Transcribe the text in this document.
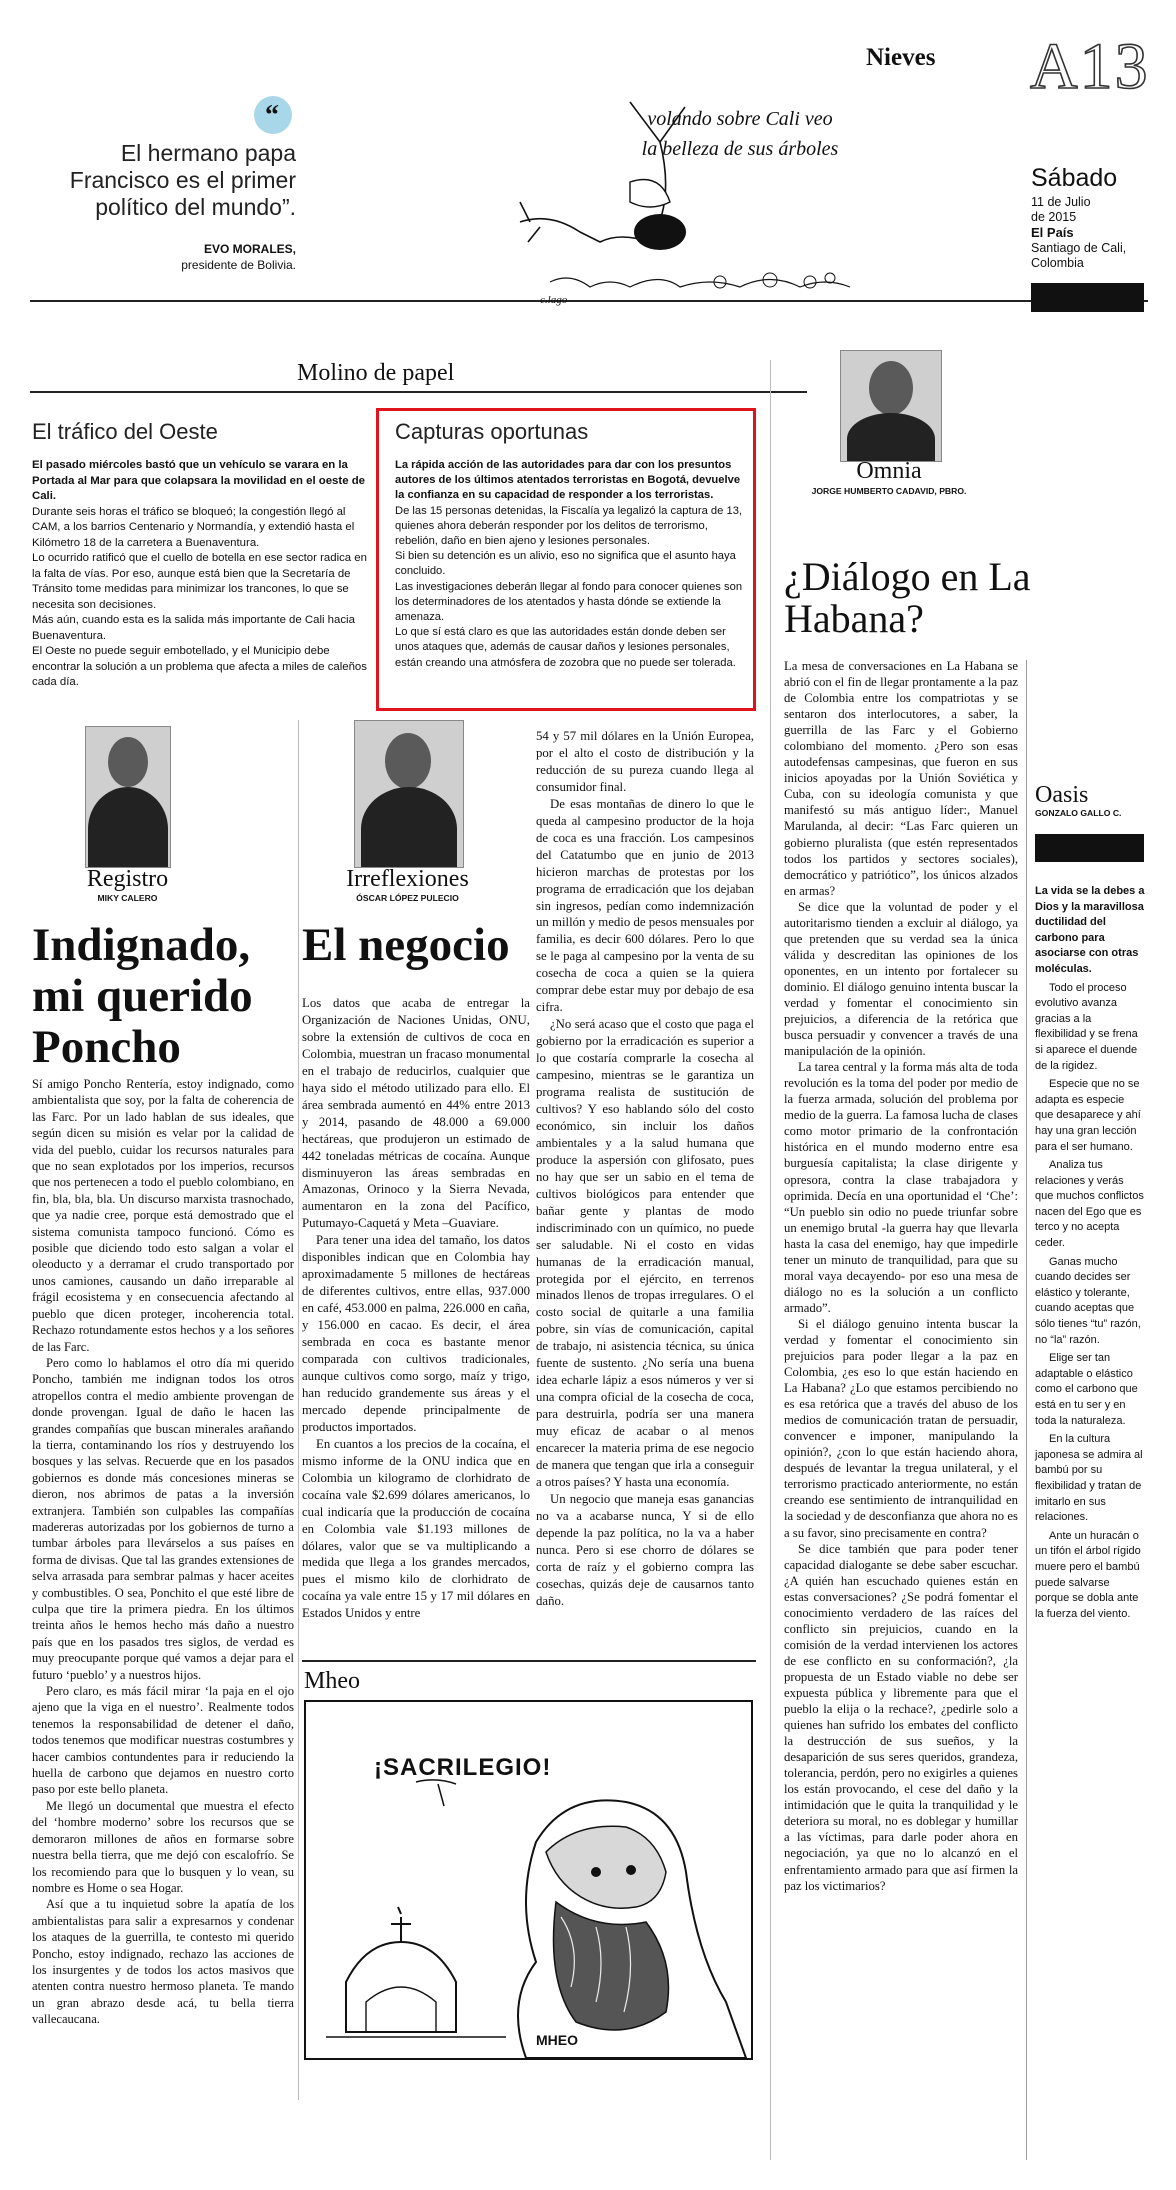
Nieves A13
“
El hermano papa Francisco es el primer político del mundo”.
EVO MORALES,
presidente de Bolivia.
volando sobre Cali veo la belleza de sus árboles
c.lago
Sábado
11 de Julio
de 2015
El País
Santiago de Cali,
Colombia
Molino de papel
El tráfico del Oeste

El pasado miércoles bastó que un vehículo se varara en la Portada al Mar para que colapsara la movilidad en el oeste de Cali.

Durante seis horas el tráfico se bloqueó; la congestión llegó al CAM, a los barrios Centenario y Normandía, y extendió hasta el Kilómetro 18 de la carretera a Buenaventura.

Lo ocurrido ratificó que el cuello de botella en ese sector radica en la falta de vías. Por eso, aunque está bien que la Secretaría de Tránsito tome medidas para minimizar los trancones, lo que se necesita son decisiones.

Más aún, cuando esta es la salida más importante de Cali hacia Buenaventura.

El Oeste no puede seguir embotellado, y el Municipio debe encontrar la solución a un problema que afecta a miles de caleños cada día.

Capturas oportunas

La rápida acción de las autoridades para dar con los presuntos autores de los últimos atentados terroristas en Bogotá, devuelve la confianza en su capacidad de responder a los terroristas.

De las 15 personas detenidas, la Fiscalía ya legalizó la captura de 13, quienes ahora deberán responder por los delitos de terrorismo, rebelión, daño en bien ajeno y lesiones personales.

Si bien su detención es un alivio, eso no significa que el asunto haya concluido.

Las investigaciones deberán llegar al fondo para conocer quienes son los determinadores de los atentados y hasta dónde se extiende la amenaza.

Lo que sí está claro es que las autoridades están donde deben ser unos ataques que, además de causar daños y lesiones personales, están creando una atmósfera de zozobra que no puede ser tolerada.

Omnia
JORGE HUMBERTO CADAVID, PBRO.
¿Diálogo en La Habana?

La mesa de conversaciones en La Habana se abrió con el fin de llegar prontamente a la paz de Colombia entre los compatriotas y se sentaron dos interlocutores, a saber, la guerrilla de las Farc y el Gobierno colombiano del momento. ¿Pero son esas autodefensas campesinas, que fueron en sus inicios apoyadas por la Unión Soviética y Cuba, con su ideología comunista y que manifestó su más antiguo líder:, Manuel Marulanda, al decir: “Las Farc quieren un gobierno pluralista (que estén representados todos los partidos y sectores sociales), democrático y patriótico”, los únicos alzados en armas?

Se dice que la voluntad de poder y el autoritarismo tienden a excluir al diálogo, ya que pretenden que su verdad sea la única válida y descreditan las opiniones de los oponentes, en un intento por fortalecer su dominio. El diálogo genuino intenta buscar la verdad y fomentar el conocimiento sin prejuicios, a diferencia de la retórica que busca persuadir y convencer a través de una manipulación de la opinión.

La tarea central y la forma más alta de toda revolución es la toma del poder por medio de la fuerza armada, solución del problema por medio de la guerra. La famosa lucha de clases como motor primario de la confrontación histórica en el mundo moderno entre esa burguesía capitalista; la clase dirigente y opresora, contra la clase trabajadora y oprimida. Decía en una oportunidad el ‘Che’: “Un pueblo sin odio no puede triunfar sobre un enemigo brutal -la guerra hay que llevarla hasta la casa del enemigo, hay que impedirle tener un minuto de tranquilidad, para que su moral vaya decayendo- por eso una mesa de diálogo no es la solución a un conflicto armado”.

Si el diálogo genuino intenta buscar la verdad y fomentar el conocimiento sin prejuicios para poder llegar a la paz en Colombia, ¿es eso lo que están haciendo en La Habana? ¿Lo que estamos percibiendo no es esa retórica que a través del abuso de los medios de comunicación tratan de persuadir, convencer e imponer, manipulando la opinión?, ¿con lo que están haciendo ahora, después de levantar la tregua unilateral, y el terrorismo practicado anteriormente, no están creando ese sentimiento de intranquilidad en la sociedad y de desconfianza que ahora no es a su favor, sino precisamente en contra?

Se dice también que para poder tener capacidad dialogante se debe saber escuchar. ¿A quién han escuchado quienes están en estas conversaciones? ¿Se podrá fomentar el conocimiento verdadero de las raíces del conflicto sin prejuicios, cuando en la comisión de la verdad intervienen los actores de ese conflicto en su conformación?, ¿la propuesta de un Estado viable no debe ser expuesta pública y libremente para que el pueblo la elija o la rechace?, ¿pedirle solo a quienes han sufrido los embates del conflicto la destrucción de sus sueños, y la desaparición de sus seres queridos, grandeza, tolerancia, perdón, pero no exigirles a quienes los están provocando, el cese del daño y la intimidación que le quita la tranquilidad y le deteriora su moral, no es doblegar y humillar a las víctimas, para darle poder ahora en negociación, ya que no lo alcanzó en el enfrentamiento armado para que así firmen la paz los victimarios?

Oasis
GONZALO GALLO C.

La vida se la debes a Dios y la maravillosa ductilidad del carbono para asociarse con otras moléculas.

Todo el proceso evolutivo avanza gracias a la flexibilidad y se frena si aparece el duende de la rigidez.

Especie que no se adapta es especie que desaparece y ahí hay una gran lección para el ser humano.

Analiza tus relaciones y verás que muchos conflictos nacen del Ego que es terco y no acepta ceder.

Ganas mucho cuando decides ser elástico y tolerante, cuando aceptas que sólo tienes “tu” razón, no “la” razón.

Elige ser tan adaptable o elástico como el carbono que está en tu ser y en toda la naturaleza.

En la cultura japonesa se admira al bambú por su flexibilidad y tratan de imitarlo en sus relaciones.

Ante un huracán o un tifón el árbol rígido muere pero el bambú puede salvarse porque se dobla ante la fuerza del viento.

Registro
MIKY CALERO
Indignado, mi querido Poncho

Sí amigo Poncho Rentería, estoy indignado, como ambientalista que soy, por la falta de coherencia de las Farc. Por un lado hablan de sus ideales, que según dicen su misión es velar por la calidad de vida del pueblo, cuidar los recursos naturales para que no sean explotados por los imperios, recursos que nos pertenecen a todo el pueblo colombiano, en fin, bla, bla, bla. Un discurso marxista trasnochado, que ya nadie cree, porque está demostrado que el sistema comunista tampoco funcionó. Cómo es posible que diciendo todo esto salgan a volar el oleoducto y a derramar el crudo transportado por unos camiones, causando un daño irreparable al frágil ecosistema y en consecuencia afectando al pueblo que dicen proteger, incoherencia total. Rechazo rotundamente estos hechos y a los señores de las Farc.

Pero como lo hablamos el otro día mi querido Poncho, también me indignan todos los otros atropellos contra el medio ambiente provengan de donde provengan. Igual de daño le hacen las grandes compañías que buscan minerales arañando la tierra, contaminando los ríos y destruyendo los bosques y las selvas. Recuerde que en los pasados gobiernos es donde más concesiones mineras se dieron, nos abrimos de patas a la inversión extranjera. También son culpables las compañías madereras autorizadas por los gobiernos de turno a tumbar árboles para llevárselos a sus países en forma de divisas. Que tal las grandes extensiones de selva arrasada para sembrar palmas y hacer aceites y combustibles. O sea, Ponchito el que esté libre de culpa que tire la primera piedra. En los últimos treinta años le hemos hecho más daño a nuestro país que en los pasados tres siglos, de verdad es muy preocupante porque qué vamos a dejar para el futuro ‘pueblo’ y a nuestros hijos.

Pero claro, es más fácil mirar ‘la paja en el ojo ajeno que la viga en el nuestro’. Realmente todos tenemos la responsabilidad de detener el daño, todos tenemos que modificar nuestras costumbres y hacer cambios contundentes para ir reduciendo la huella de carbono que dejamos en nuestro corto paso por este bello planeta.

Me llegó un documental que muestra el efecto del ‘hombre moderno’ sobre los recursos que se demoraron millones de años en formarse sobre nuestra bella tierra, que me dejó con escalofrío. Se los recomiendo para que lo busquen y lo vean, su nombre es Home o sea Hogar.

Así que a tu inquietud sobre la apatía de los ambientalistas para salir a expresarnos y condenar los ataques de la guerrilla, te contesto mi querido Poncho, estoy indignado, rechazo las acciones de los insurgentes y de todos los actos masivos que atenten contra nuestro hermoso planeta. Te mando un gran abrazo desde acá, tu bella tierra vallecaucana.

Irreflexiones
ÓSCAR LÓPEZ PULECIO
El negocio

Los datos que acaba de entregar la Organización de Naciones Unidas, ONU, sobre la extensión de cultivos de coca en Colombia, muestran un fracaso monumental en el trabajo de reducirlos, cualquier que haya sido el método utilizado para ello. El área sembrada aumentó en 44% entre 2013 y 2014, pasando de 48.000 a 69.000 hectáreas, que produjeron un estimado de 442 toneladas métricas de cocaína. Aunque disminuyeron las áreas sembradas en Amazonas, Orinoco y la Sierra Nevada, aumentaron en la zona del Pacífico, Putumayo-Caquetá y Meta –Guaviare.

Para tener una idea del tamaño, los datos disponibles indican que en Colombia hay aproximadamente 5 millones de hectáreas de diferentes cultivos, entre ellas, 937.000 en café, 453.000 en palma, 226.000 en caña, y 156.000 en cacao. Es decir, el área sembrada en coca es bastante menor comparada con cultivos tradicionales, aunque cultivos como sorgo, maíz y trigo, han reducido grandemente sus áreas y el mercado depende principalmente de productos importados.

En cuantos a los precios de la cocaína, el mismo informe de la ONU indica que en Colombia un kilogramo de clorhidrato de cocaína vale $2.699 dólares americanos, lo cual indicaría que la producción de cocaína en Colombia vale $1.193 millones de dólares, valor que se va multiplicando a medida que llega a los grandes mercados, pues el mismo kilo de clorhidrato de cocaína ya vale entre 15 y 17 mil dólares en Estados Unidos y entre

54 y 57 mil dólares en la Unión Europea, por el alto el costo de distribución y la reducción de su pureza cuando llega al consumidor final.

De esas montañas de dinero lo que le queda al campesino productor de la hoja de coca es una fracción. Los campesinos del Catatumbo que en junio de 2013 hicieron marchas de protestas por los programa de erradicación que los dejaban sin ingresos, pedían como indemnización un millón y medio de pesos mensuales por familia, es decir 600 dólares. Pero lo que se le paga al campesino por la venta de su cosecha de coca a quien se la quiera comprar debe estar muy por debajo de esa cifra.

¿No será acaso que el costo que paga el gobierno por la erradicación es superior a lo que costaría comprarle la cosecha al campesino, mientras se le garantiza un programa realista de sustitución de cultivos? Y eso hablando sólo del costo económico, sin incluir los daños ambientales y a la salud humana que produce la aspersión con glifosato, pues no hay que ser un sabio en el tema de cultivos biológicos para entender que bañar gente y plantas de modo indiscriminado con un químico, no puede ser saludable. Ni el costo en vidas humanas de la erradicación manual, protegida por el ejército, en terrenos minados llenos de tropas irregulares. O el costo social de quitarle a una familia pobre, sin vías de comunicación, capital de trabajo, ni asistencia técnica, su única fuente de sustento. ¿No sería una buena idea echarle lápiz a esos números y ver si una compra oficial de la cosecha de coca, para destruirla, podría ser una manera muy eficaz de acabar o al menos encarecer la materia prima de ese negocio de manera que tengan que irla a conseguir a otros países? Y hasta una economía.

Un negocio que maneja esas ganancias no va a acabarse nunca, Y si de ello depende la paz política, no la va a haber nunca. Pero si ese chorro de dólares se corta de raíz y el gobierno compra las cosechas, quizás deje de causarnos tanto daño.

Mheo
¡SACRILEGIO!
MHEO
